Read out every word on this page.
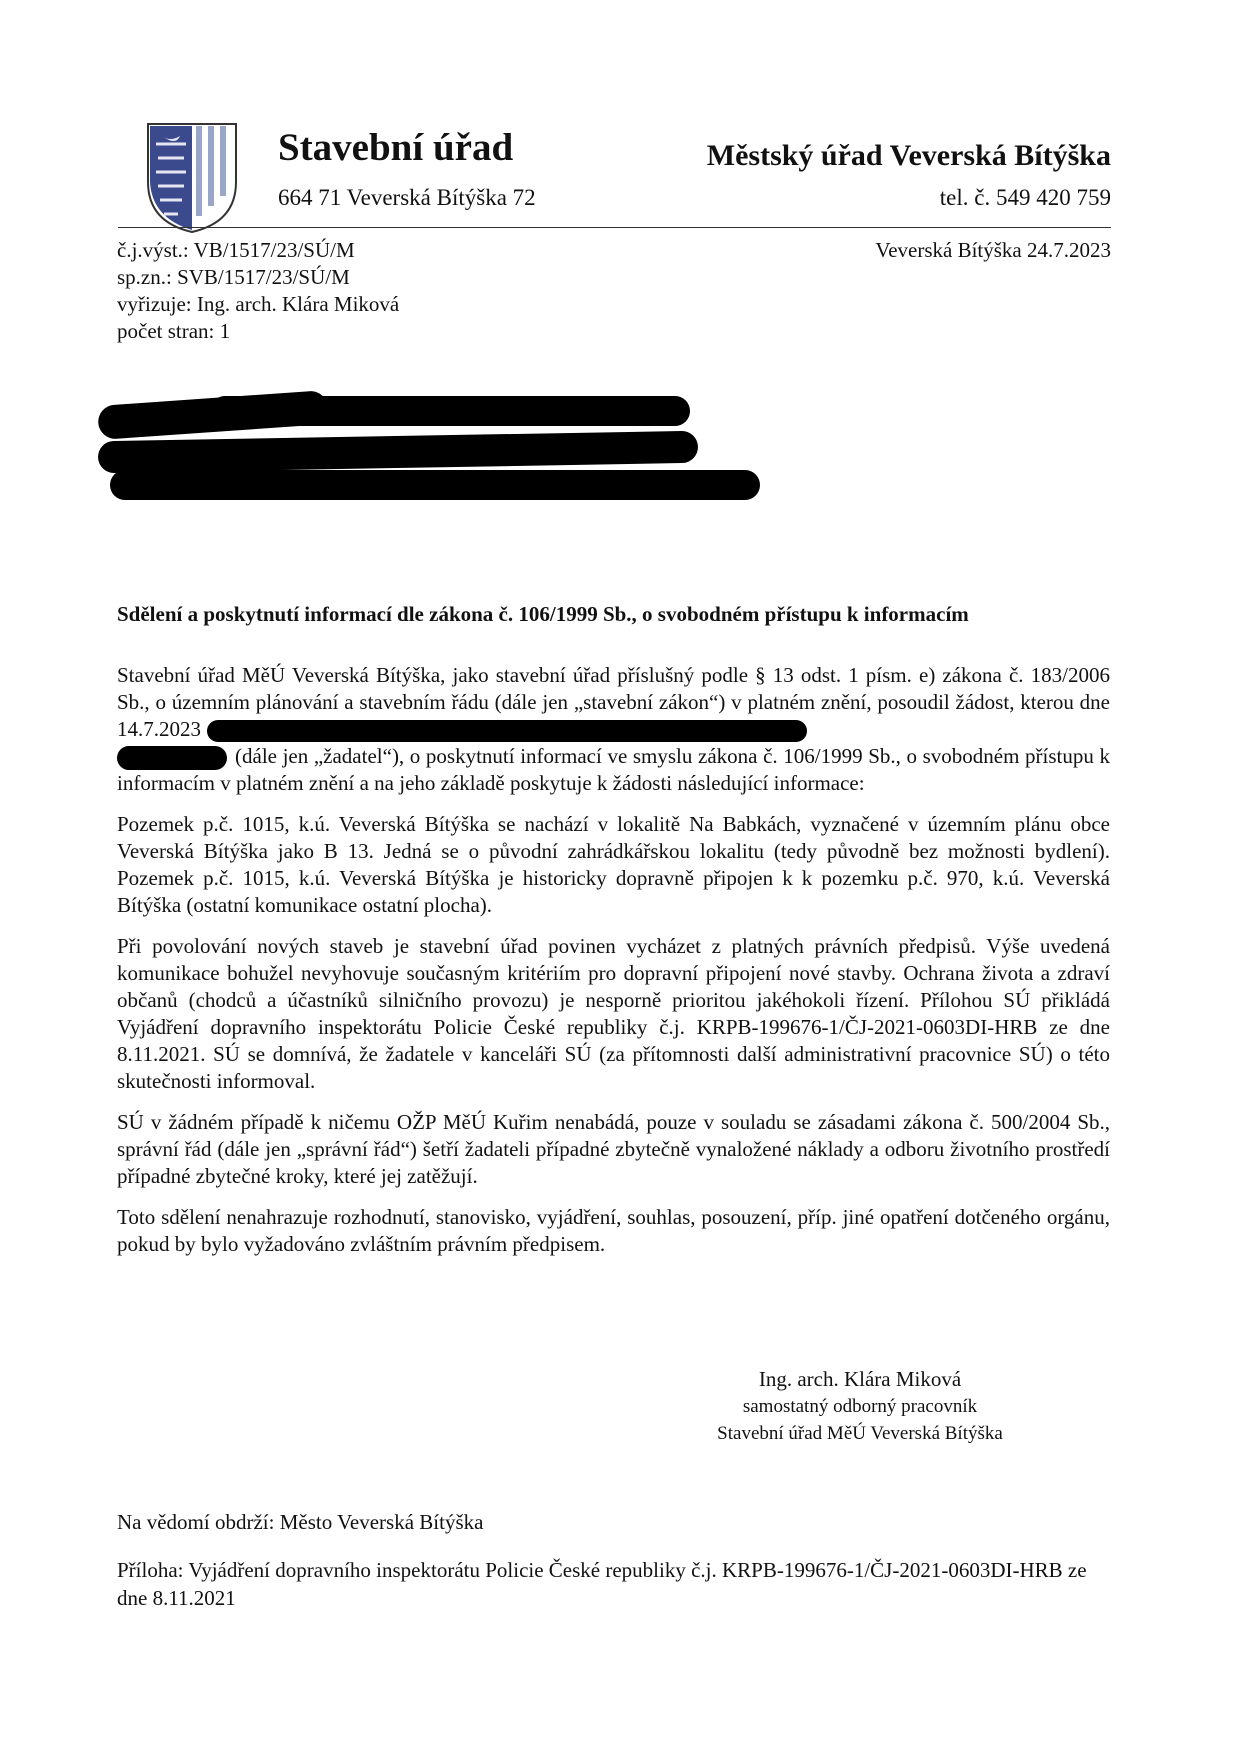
Stavební úřad
664 71 Veverská Bítýška 72
Městský úřad Veverská Bítýška
tel. č. 549 420 759
č.j.výst.: VB/1517/23/SÚ/M
sp.zn.: SVB/1517/23/SÚ/M
vyřizuje: Ing. arch. Klára Miková
počet stran: 1
Veverská Bítýška 24.7.2023
Sdělení a poskytnutí informací dle zákona č. 106/1999 Sb., o svobodném přístupu k informacím

Stavební úřad MěÚ Veverská Bítýška, jako stavební úřad příslušný podle § 13 odst. 1 písm. e) zákona č. 183/2006 Sb., o územním plánování a stavebním řádu (dále jen „stavební zákon“) v platném znění, posoudil žádost, kterou dne 14.7.2023
(dále jen „žadatel“), o poskytnutí informací ve smyslu zákona č. 106/1999 Sb., o svobodném přístupu k informacím v platném znění a na jeho základě poskytuje k žádosti následující informace:

Pozemek p.č. 1015, k.ú. Veverská Bítýška se nachází v lokalitě Na Babkách, vyznačené v územním plánu obce Veverská Bítýška jako B 13. Jedná se o původní zahrádkářskou lokalitu (tedy původně bez možnosti bydlení). Pozemek p.č. 1015, k.ú. Veverská Bítýška je historicky dopravně připojen k k pozemku p.č. 970, k.ú. Veverská Bítýška (ostatní komunikace ostatní plocha).

Při povolování nových staveb je stavební úřad povinen vycházet z platných právních předpisů. Výše uvedená komunikace bohužel nevyhovuje současným kritériím pro dopravní připojení nové stavby. Ochrana života a zdraví občanů (chodců a účastníků silničního provozu) je nesporně prioritou jakéhokoli řízení. Přílohou SÚ přikládá Vyjádření dopravního inspektorátu Policie České republiky č.j. KRPB-199676-1/ČJ-2021-0603DI-HRB ze dne 8.11.2021. SÚ se domnívá, že žadatele v kanceláři SÚ (za přítomnosti další administrativní pracovnice SÚ) o této skutečnosti informoval.

SÚ v žádném případě k ničemu OŽP MěÚ Kuřim nenabádá, pouze v souladu se zásadami zákona č. 500/2004 Sb., správní řád (dále jen „správní řád“) šetří žadateli případné zbytečně vynaložené náklady a odboru životního prostředí případné zbytečné kroky, které jej zatěžují.

Toto sdělení nenahrazuje rozhodnutí, stanovisko, vyjádření, souhlas, posouzení, příp. jiné opatření dotčeného orgánu, pokud by bylo vyžadováno zvláštním právním předpisem.

Ing. arch. Klára Miková
samostatný odborný pracovník
Stavební úřad MěÚ Veverská Bítýška
Na vědomí obdrží: Město Veverská Bítýška
Příloha: Vyjádření dopravního inspektorátu Policie České republiky č.j. KRPB-199676-1/ČJ-2021-0603DI-HRB ze dne 8.11.2021
